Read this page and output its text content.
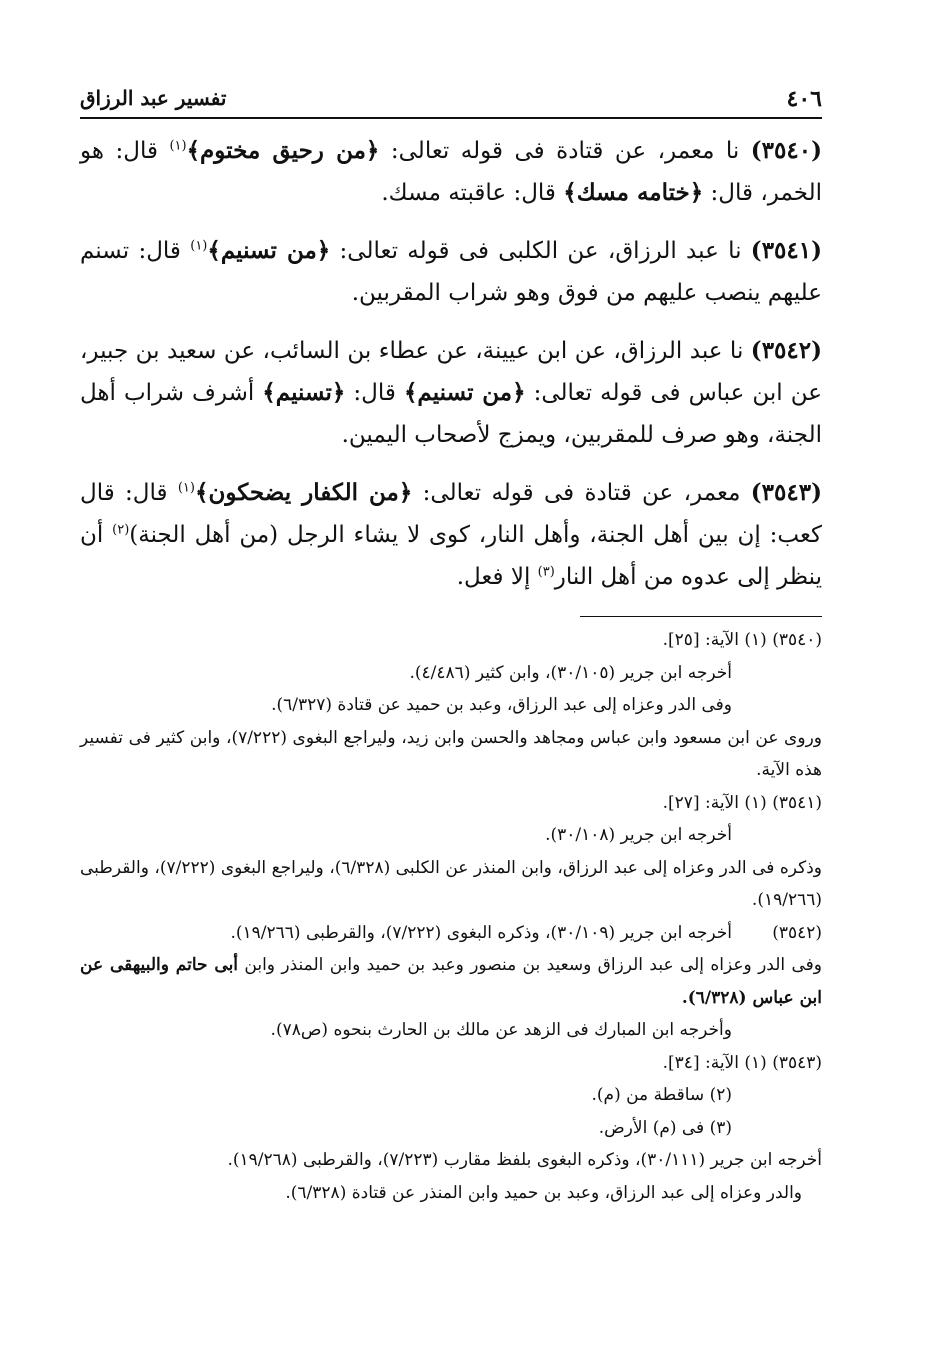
٤٠٦
تفسير عبد الرزاق

(٣٥٤٠) نا معمر، عن قتادة فى قوله تعالى: ﴿من رحيق مختوم﴾$^{(١)}$ قال: هو الخمر، قال: ﴿ختامه مسك﴾ قال: عاقبته مسك.

(٣٥٤١) نا عبد الرزاق، عن الكلبى فى قوله تعالى: ﴿من تسنيم﴾$^{(١)}$ قال: تسنم عليهم ينصب عليهم من فوق وهو شراب المقربين.

(٣٥٤٢) نا عبد الرزاق، عن ابن عيينة، عن عطاء بن السائب، عن سعيد بن جبير، عن ابن عباس فى قوله تعالى: ﴿من تسنيم﴾ قال: ﴿تسنيم﴾ أشرف شراب أهل الجنة، وهو صرف للمقربين، ويمزج لأصحاب اليمين.

(٣٥٤٣) معمر، عن قتادة فى قوله تعالى: ﴿من الكفار يضحكون﴾$^{(١)}$ قال: قال كعب: إن بين أهل الجنة، وأهل النار، كوى لا يشاء الرجل (من أهل الجنة)$^{(٢)}$ أن ينظر إلى عدوه من أهل النار$^{(٣)}$ إلا فعل.

(٣٥٤٠) (١) الآية: [٢٥].
أخرجه ابن جرير (٣٠/١٠٥)، وابن كثير (٤/٤٨٦).
وفى الدر وعزاه إلى عبد الرزاق، وعبد بن حميد عن قتادة (٦/٣٢٧).
وروى عن ابن مسعود وابن عباس ومجاهد والحسن وابن زيد، وليراجع البغوى (٧/٢٢٢)، وابن كثير فى تفسير هذه الآية.
(٣٥٤١) (١) الآية: [٢٧].
أخرجه ابن جرير (٣٠/١٠٨).
وذكره فى الدر وعزاه إلى عبد الرزاق، وابن المنذر عن الكلبى (٦/٣٢٨)، وليراجع البغوى (٧/٢٢٢)، والقرطبى (١٩/٢٦٦).
(٣٥٤٢)
أخرجه ابن جرير (٣٠/١٠٩)، وذكره البغوى (٧/٢٢٢)، والقرطبى (١٩/٢٦٦).
وفى الدر وعزاه إلى عبد الرزاق وسعيد بن منصور وعبد بن حميد وابن المنذر وابن أبى حاتم والبيهقى عن ابن عباس (٦/٣٢٨).
وأخرجه ابن المبارك فى الزهد عن مالك بن الحارث بنحوه (ص٧٨).
(٣٥٤٣) (١) الآية: [٣٤].
(٢) ساقطة من (م).
(٣) فى (م) الأرض.
أخرجه ابن جرير (٣٠/١١١)، وذكره البغوى بلفظ مقارب (٧/٢٢٣)، والقرطبى (١٩/٢٦٨).
والدر وعزاه إلى عبد الرزاق، وعبد بن حميد وابن المنذر عن قتادة (٦/٣٢٨).
